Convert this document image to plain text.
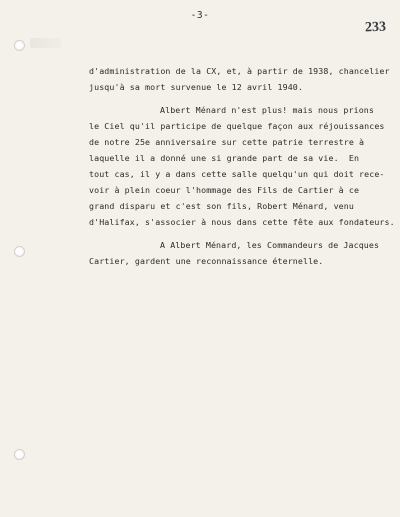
-3-
233
d'administration de la CX, et, à partir de 1938, chancelier
jusqu'à sa mort survenue le 12 avril 1940.
Albert Ménard n'est plus! mais nous prions
le Ciel qu'il participe de quelque façon aux réjouissances
de notre 25e anniversaire sur cette patrie terrestre à
laquelle il a donné une si grande part de sa vie.  En
tout cas, il y a dans cette salle quelqu'un qui doit rece-
voir à plein coeur l'hommage des Fils de Cartier à ce
grand disparu et c'est son fils, Robert Ménard, venu
d'Halifax, s'associer à nous dans cette fête aux fondateurs.
A Albert Ménard, les Commandeurs de Jacques
Cartier, gardent une reconnaissance éternelle.
